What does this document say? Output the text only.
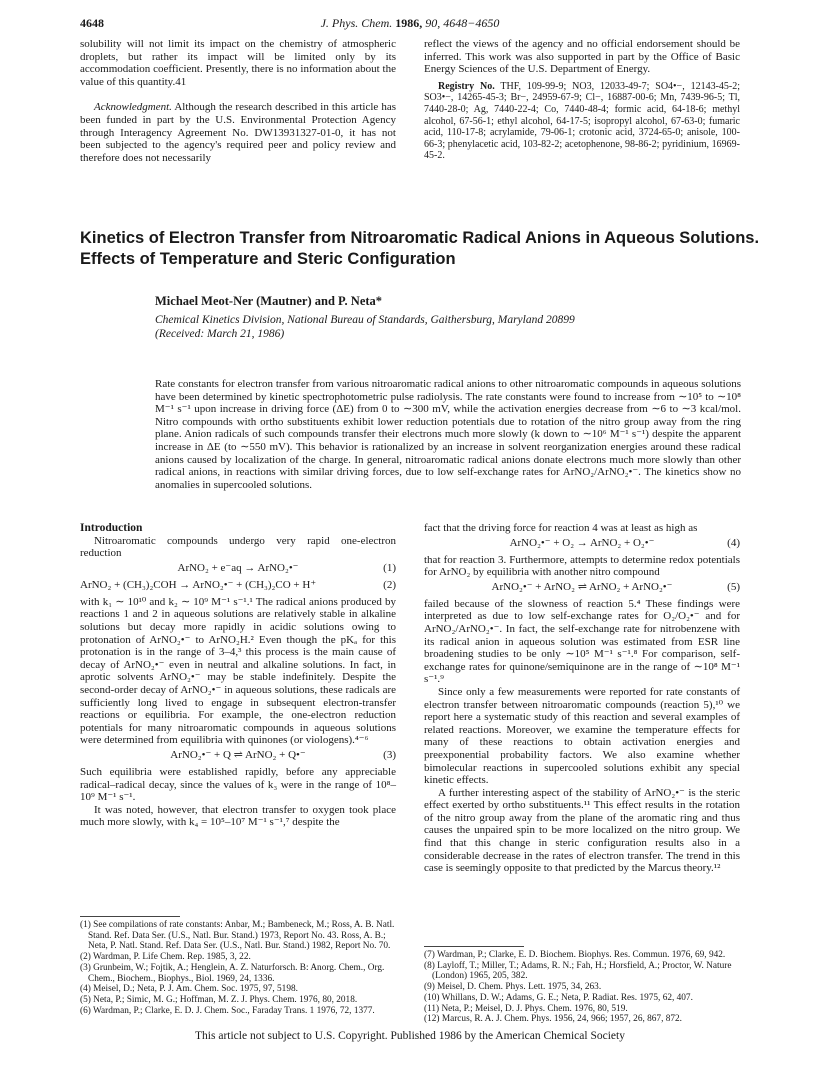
4648	J. Phys. Chem. 1986, 90, 4648−4650

solubility will not limit its impact on the chemistry of atmospheric droplets, but rather its impact will be limited only by its accommodation coefficient. Presently, there is no information about the value of this quantity.41

Acknowledgment. Although the research described in this article has been funded in part by the U.S. Environmental Protection Agency through Interagency Agreement No. DW13931327-01-0, it has not been subjected to the agency's required peer and policy review and therefore does not necessarily

reflect the views of the agency and no official endorsement should be inferred. This work was also supported in part by the Office of Basic Energy Sciences of the U.S. Department of Energy.

Registry No. THF, 109-99-9; NO3, 12033-49-7; SO4•−, 12143-45-2; SO3•−, 14265-45-3; Br−, 24959-67-9; Cl−, 16887-00-6; Mn, 7439-96-5; Tl, 7440-28-0; Ag, 7440-22-4; Co, 7440-48-4; formic acid, 64-18-6; methyl alcohol, 67-56-1; ethyl alcohol, 64-17-5; isopropyl alcohol, 67-63-0; fumaric acid, 110-17-8; acrylamide, 79-06-1; crotonic acid, 3724-65-0; anisole, 100-66-3; phenylacetic acid, 103-82-2; acetophenone, 98-86-2; pyridinium, 16969-45-2.

Kinetics of Electron Transfer from Nitroaromatic Radical Anions in Aqueous Solutions. Effects of Temperature and Steric Configuration

Michael Meot-Ner (Mautner) and P. Neta*

Chemical Kinetics Division, National Bureau of Standards, Gaithersburg, Maryland 20899
(Received: March 21, 1986)

Rate constants for electron transfer from various nitroaromatic radical anions to other nitroaromatic compounds in aqueous solutions have been determined by kinetic spectrophotometric pulse radiolysis. The rate constants were found to increase from ∼10⁵ to ∼10⁸ M⁻¹ s⁻¹ upon increase in driving force (ΔE) from 0 to ∼300 mV, while the activation energies decrease from ∼6 to ∼3 kcal/mol. Nitro compounds with ortho substituents exhibit lower reduction potentials due to rotation of the nitro group away from the ring plane. Anion radicals of such compounds transfer their electrons much more slowly (k down to ∼10⁶ M⁻¹ s⁻¹) despite the apparent increase in ΔE (to ∼550 mV). This behavior is rationalized by an increase in solvent reorganization energies around these radical anions caused by localization of the charge. In general, nitroaromatic radical anions donate electrons much more slowly than other radical anions, in reactions with similar driving forces, due to low self-exchange rates for ArNO₂/ArNO₂•⁻. The kinetics show no anomalies in supercooled solutions.

Introduction

Nitroaromatic compounds undergo very rapid one-electron reduction

ArNO₂ + e⁻aq → ArNO₂•⁻	(1)
ArNO₂ + (CH₃)₂COH → ArNO₂•⁻ + (CH₃)₂CO + H⁺	(2)

with k₁ ∼ 10¹⁰ and k₂ ∼ 10⁹ M⁻¹ s⁻¹.¹ The radical anions produced by reactions 1 and 2 in aqueous solutions are relatively stable in alkaline solutions but decay more rapidly in acidic solutions owing to protonation of ArNO₂•⁻ to ArNO₂H.² Even though the pKₐ for this protonation is in the range of 3–4,³ this process is the main cause of decay of ArNO₂•⁻ even in neutral and alkaline solutions. In fact, in aprotic solvents ArNO₂•⁻ may be stable indefinitely. Despite the second-order decay of ArNO₂•⁻ in aqueous solutions, these radicals are sufficiently long lived to engage in subsequent electron-transfer reactions or equilibria. For example, the one-electron reduction potentials for many nitroaromatic compounds in aqueous solutions were determined from equilibria with quinones (or viologens).⁴⁻⁶

ArNO₂•⁻ + Q ⇌ ArNO₂ + Q•⁻	(3)

Such equilibria were established rapidly, before any appreciable radical–radical decay, since the values of k₃ were in the range of 10⁸–10⁹ M⁻¹ s⁻¹.

It was noted, however, that electron transfer to oxygen took place much more slowly, with k₄ = 10⁵–10⁷ M⁻¹ s⁻¹,⁷ despite the

fact that the driving force for reaction 4 was at least as high as

ArNO₂•⁻ + O₂ → ArNO₂ + O₂•⁻	(4)

that for reaction 3. Furthermore, attempts to determine redox potentials for ArNO₂ by equilibria with another nitro compound

ArNO₂•⁻ + ArNO₂ ⇌ ArNO₂ + ArNO₂•⁻	(5)

failed because of the slowness of reaction 5.⁴ These findings were interpreted as due to low self-exchange rates for O₂/O₂•⁻ and for ArNO₂/ArNO₂•⁻. In fact, the self-exchange rate for nitrobenzene with its radical anion in aqueous solution was estimated from ESR line broadening studies to be only ∼10⁵ M⁻¹ s⁻¹.⁸ For comparison, self-exchange rates for quinone/semiquinone are in the range of ∼10⁸ M⁻¹ s⁻¹.⁹

Since only a few measurements were reported for rate constants of electron transfer between nitroaromatic compounds (reaction 5),¹⁰ we report here a systematic study of this reaction and several examples of related reactions. Moreover, we examine the temperature effects for many of these reactions to obtain activation energies and preexponential probability factors. We also examine whether bimolecular reactions in supercooled solutions exhibit any special kinetic effects.

A further interesting aspect of the stability of ArNO₂•⁻ is the steric effect exerted by ortho substituents.¹¹ This effect results in the rotation of the nitro group away from the plane of the aromatic ring and thus causes the unpaired spin to be more localized on the nitro group. We find that this change in steric configuration results also in a considerable decrease in the rates of electron transfer. The trend in this case is seemingly opposite to that predicted by the Marcus theory.¹²

(1) See compilations of rate constants: Anbar, M.; Bambeneck, M.; Ross, A. B. Natl. Stand. Ref. Data Ser. (U.S., Natl. Bur. Stand.) 1973, Report No. 43. Ross, A. B.; Neta, P. Natl. Stand. Ref. Data Ser. (U.S., Natl. Bur. Stand.) 1982, Report No. 70.

(2) Wardman, P. Life Chem. Rep. 1985, 3, 22.

(3) Grunbeim, W.; Fojtik, A.; Henglein, A. Z. Naturforsch. B: Anorg. Chem., Org. Chem., Biochem., Biophys., Biol. 1969, 24, 1336.

(4) Meisel, D.; Neta, P. J. Am. Chem. Soc. 1975, 97, 5198.

(5) Neta, P.; Simic, M. G.; Hoffman, M. Z. J. Phys. Chem. 1976, 80, 2018.

(6) Wardman, P.; Clarke, E. D. J. Chem. Soc., Faraday Trans. 1 1976, 72, 1377.

(7) Wardman, P.; Clarke, E. D. Biochem. Biophys. Res. Commun. 1976, 69, 942.

(8) Layloff, T.; Miller, T.; Adams, R. N.; Fah, H.; Horsfield, A.; Proctor, W. Nature (London) 1965, 205, 382.

(9) Meisel, D. Chem. Phys. Lett. 1975, 34, 263.

(10) Whillans, D. W.; Adams, G. E.; Neta, P. Radiat. Res. 1975, 62, 407.

(11) Neta, P.; Meisel, D. J. Phys. Chem. 1976, 80, 519.

(12) Marcus, R. A. J. Chem. Phys. 1956, 24, 966; 1957, 26, 867, 872.

This article not subject to U.S. Copyright. Published 1986 by the American Chemical Society
